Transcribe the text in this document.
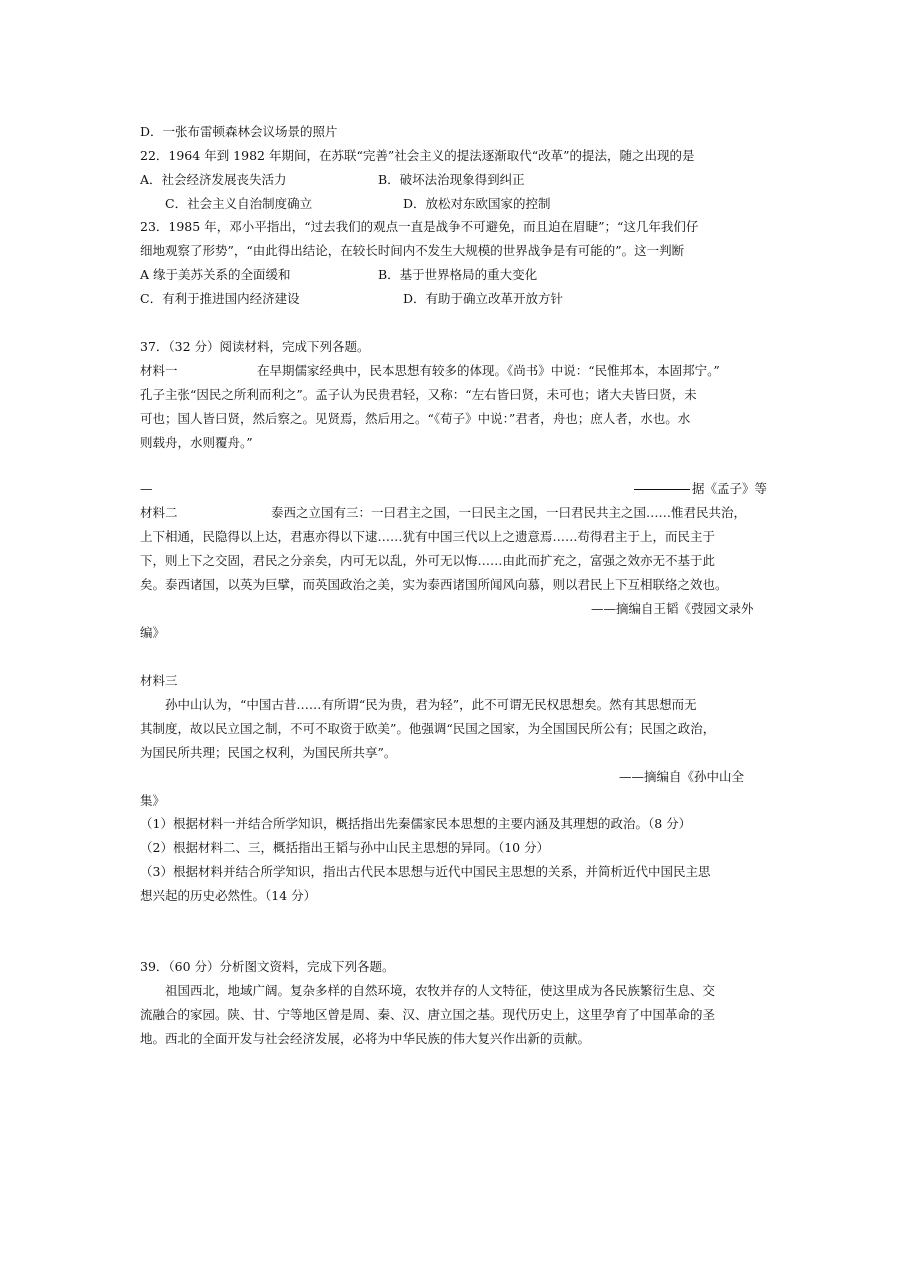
D．一张布雷顿森林会议场景的照片
22．1964 年到 1982 年期间，在苏联“完善”社会主义的提法逐渐取代“改革”的提法，随之出现的是
A．社会经济发展丧失活力	B．破坏法治现象得到纠正
C．社会主义自治制度确立	D．放松对东欧国家的控制
23．1985 年，邓小平指出，“过去我们的观点一直是战争不可避免，而且迫在眉睫”；“这几年我们仔
细地观察了形势”，“由此得出结论，在较长时间内不发生大规模的世界战争是有可能的”。这一判断
A 缘于美苏关系的全面缓和	B．基于世界格局的重大变化
C．有利于推进国内经济建设	D．有助于确立改革开放方针
37．（32 分）阅读材料，完成下列各题。
材料一	在早期儒家经典中，民本思想有较多的体现。《尚书》中说：“民惟邦本，本固邦宁。”
孔子主张“因民之所利而利之”。孟子认为民贵君轻，又称：“左右皆曰贤，未可也；诸大夫皆曰贤，未
可也；国人皆曰贤，然后察之。见贤焉，然后用之。“《荀子》中说：”君者，舟也；庶人者，水也。水
则载舟，水则覆舟。”
—	据《孟子》等
材料二	泰西之立国有三：一曰君主之国，一曰民主之国，一曰君民共主之国……惟君民共治，
上下相通，民隐得以上达，君惠亦得以下逮……犹有中国三代以上之遗意焉……苟得君主于上，而民主于
下，则上下之交固，君民之分亲矣，内可无以乱，外可无以悔……由此而扩充之，富强之效亦无不基于此
矣。泰西诸国，以英为巨擘，而英国政治之美，实为泰西诸国所闻风向慕，则以君民上下互相联络之效也。
——摘编自王韬《弢园文录外
编》
材料三
孙中山认为，“中国古昔……有所谓“民为贵，君为轻”，此不可谓无民权思想矣。然有其思想而无
其制度，故以民立国之制，不可不取资于欧美”。他强调“民国之国家，为全国国民所公有；民国之政治，
为国民所共理；民国之权利，为国民所共享”。
——摘编自《孙中山全
集》
（1）根据材料一并结合所学知识，概括指出先秦儒家民本思想的主要内涵及其理想的政治。（8 分）
（2）根据材料二、三，概括指出王韬与孙中山民主思想的异同。（10 分）
（3）根据材料并结合所学知识，指出古代民本思想与近代中国民主思想的关系，并简析近代中国民主思
想兴起的历史必然性。（14 分）
39．（60 分）分析图文资料，完成下列各题。
祖国西北，地域广阔。复杂多样的自然环境，农牧并存的人文特征，使这里成为各民族繁衍生息、交
流融合的家园。陕、甘、宁等地区曾是周、秦、汉、唐立国之基。现代历史上，这里孕育了中国革命的圣
地。西北的全面开发与社会经济发展，必将为中华民族的伟大复兴作出新的贡献。
